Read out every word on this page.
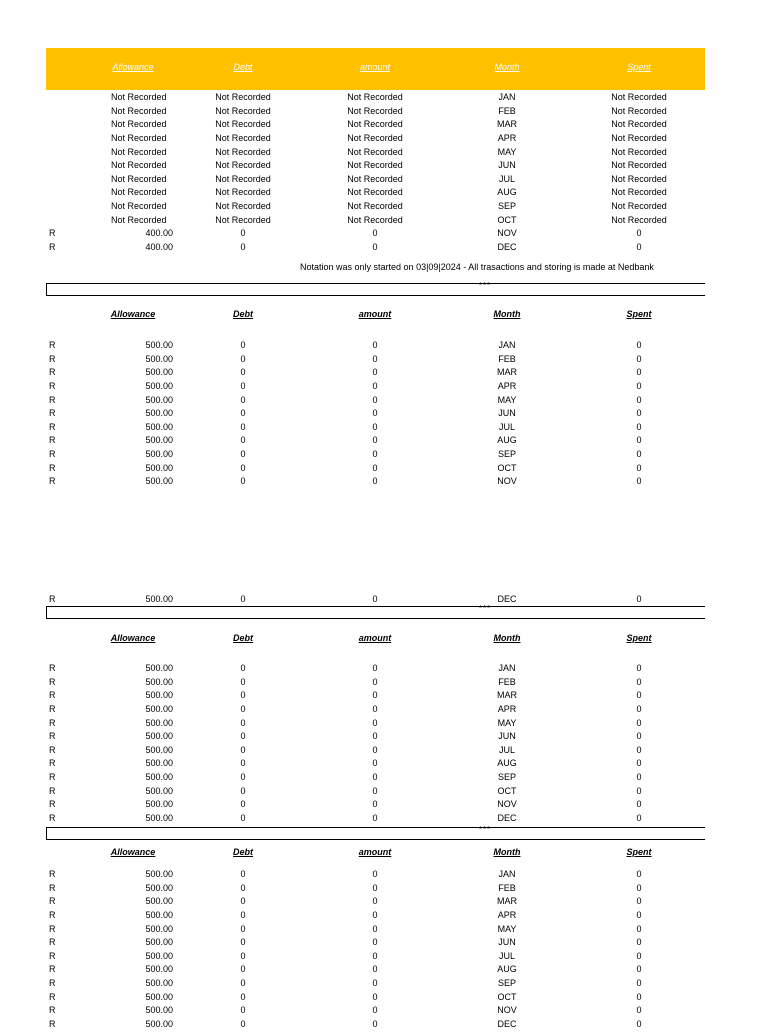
Allowance	Debt	amount	Month	Spent
Not Recorded	Not Recorded	Not Recorded	JAN	Not Recorded
Not Recorded	Not Recorded	Not Recorded	FEB	Not Recorded
Not Recorded	Not Recorded	Not Recorded	MAR	Not Recorded
Not Recorded	Not Recorded	Not Recorded	APR	Not Recorded
Not Recorded	Not Recorded	Not Recorded	MAY	Not Recorded
Not Recorded	Not Recorded	Not Recorded	JUN	Not Recorded
Not Recorded	Not Recorded	Not Recorded	JUL	Not Recorded
Not Recorded	Not Recorded	Not Recorded	AUG	Not Recorded
Not Recorded	Not Recorded	Not Recorded	SEP	Not Recorded
Not Recorded	Not Recorded	Not Recorded	OCT	Not Recorded
R	400.00	0	0	NOV	0
R	400.00	0	0	DEC	0
Allowance	Debt	amount	Month	Spent
R	500.00	0	0	JAN	0
R	500.00	0	0	FEB	0
R	500.00	0	0	MAR	0
R	500.00	0	0	APR	0
R	500.00	0	0	MAY	0
R	500.00	0	0	JUN	0
R	500.00	0	0	JUL	0
R	500.00	0	0	AUG	0
R	500.00	0	0	SEP	0
R	500.00	0	0	OCT	0
R	500.00	0	0	NOV	0
R	500.00	0	0	DEC	0
Allowance	Debt	amount	Month	Spent
R	500.00	0	0	JAN	0
R	500.00	0	0	FEB	0
R	500.00	0	0	MAR	0
R	500.00	0	0	APR	0
R	500.00	0	0	MAY	0
R	500.00	0	0	JUN	0
R	500.00	0	0	JUL	0
R	500.00	0	0	AUG	0
R	500.00	0	0	SEP	0
R	500.00	0	0	OCT	0
R	500.00	0	0	NOV	0
R	500.00	0	0	DEC	0
Allowance	Debt	amount	Month	Spent
R	500.00	0	0	JAN	0
R	500.00	0	0	FEB	0
R	500.00	0	0	MAR	0
R	500.00	0	0	APR	0
R	500.00	0	0	MAY	0
R	500.00	0	0	JUN	0
R	500.00	0	0	JUL	0
R	500.00	0	0	AUG	0
R	500.00	0	0	SEP	0
R	500.00	0	0	OCT	0
R	500.00	0	0	NOV	0
R	500.00	0	0	DEC	0
Notation was only started on 03|09|2024 - All trasactions and storing is made at Nedbank
***
***
***
